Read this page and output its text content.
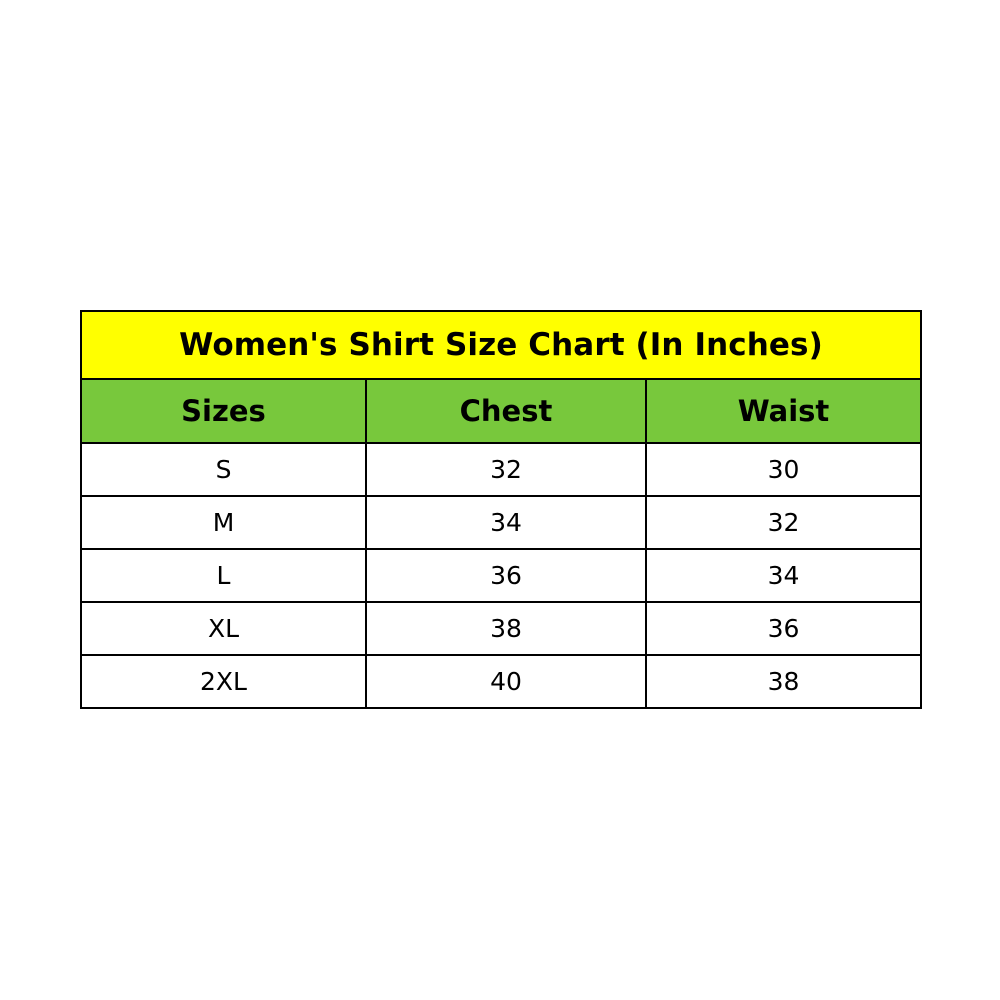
Women's Shirt Size Chart (In Inches)		
Sizes	Chest	Waist
S	32	30
M	34	32
L	36	34
XL	38	36
2XL	40	38
